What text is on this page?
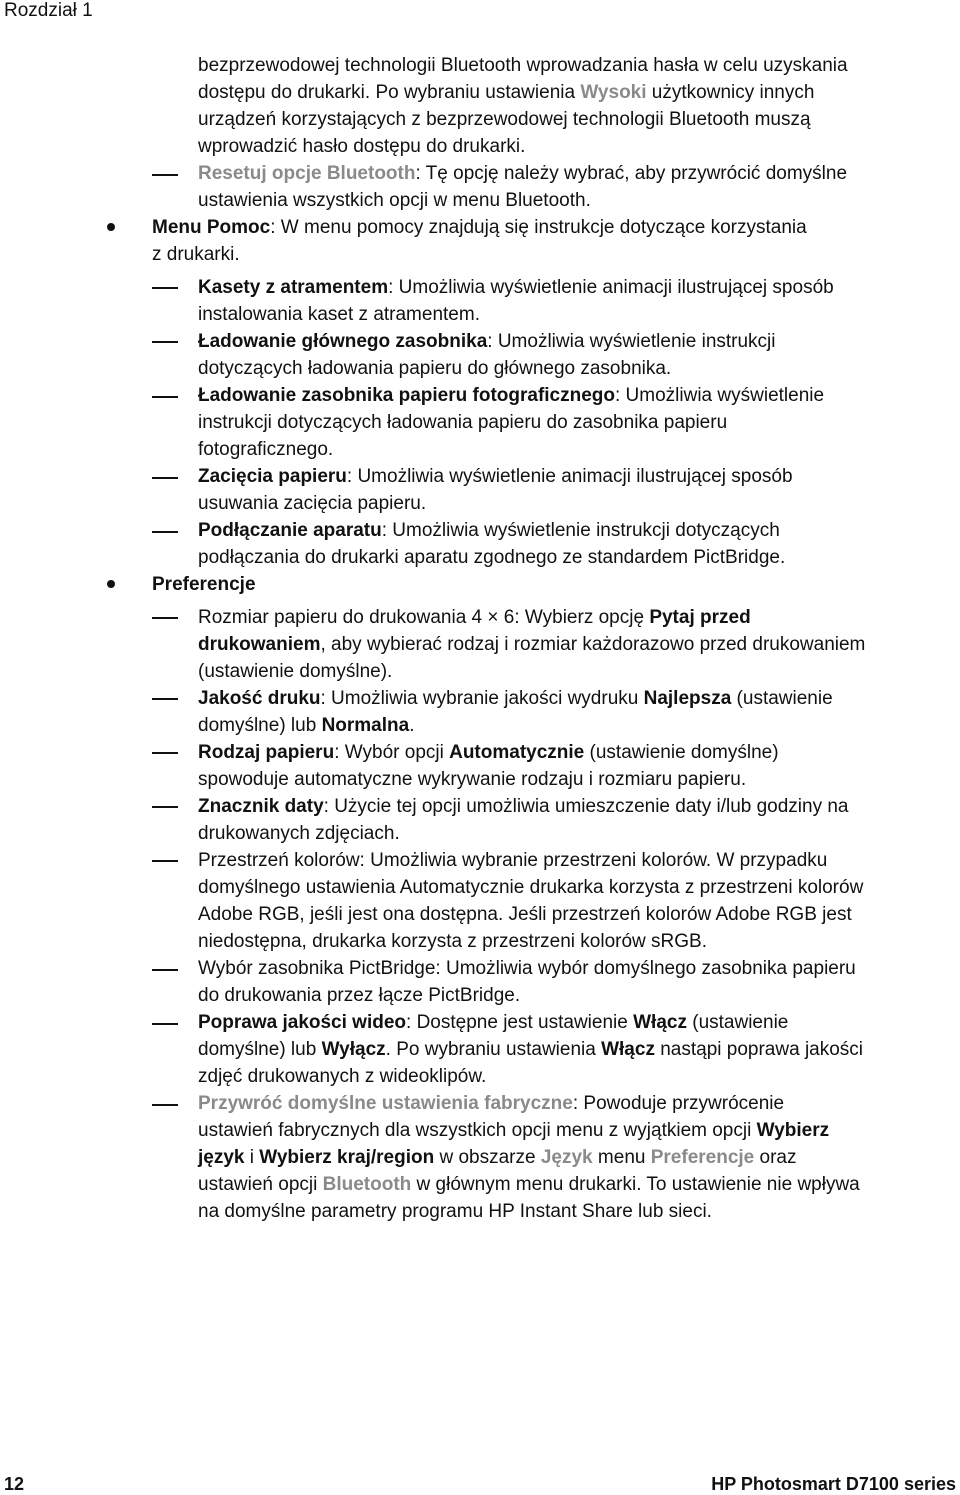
Rozdział 1
bezprzewodowej technologii Bluetooth wprowadzania hasła w celu uzyskania
dostępu do drukarki. Po wybraniu ustawienia Wysoki użytkownicy innych
urządzeń korzystających z bezprzewodowej technologii Bluetooth muszą
wprowadzić hasło dostępu do drukarki.
Resetuj opcje Bluetooth: Tę opcję należy wybrać, aby przywrócić domyślne
ustawienia wszystkich opcji w menu Bluetooth.
Menu Pomoc: W menu pomocy znajdują się instrukcje dotyczące korzystania
z drukarki.
Kasety z atramentem: Umożliwia wyświetlenie animacji ilustrującej sposób
instalowania kaset z atramentem.
Ładowanie głównego zasobnika: Umożliwia wyświetlenie instrukcji
dotyczących ładowania papieru do głównego zasobnika.
Ładowanie zasobnika papieru fotograficznego: Umożliwia wyświetlenie
instrukcji dotyczących ładowania papieru do zasobnika papieru
fotograficznego.
Zacięcia papieru: Umożliwia wyświetlenie animacji ilustrującej sposób
usuwania zacięcia papieru.
Podłączanie aparatu: Umożliwia wyświetlenie instrukcji dotyczących
podłączania do drukarki aparatu zgodnego ze standardem PictBridge.
Preferencje
Rozmiar papieru do drukowania 4 × 6: Wybierz opcję Pytaj przed
drukowaniem, aby wybierać rodzaj i rozmiar każdorazowo przed drukowaniem
(ustawienie domyślne).
Jakość druku: Umożliwia wybranie jakości wydruku Najlepsza (ustawienie
domyślne) lub Normalna.
Rodzaj papieru: Wybór opcji Automatycznie (ustawienie domyślne)
spowoduje automatyczne wykrywanie rodzaju i rozmiaru papieru.
Znacznik daty: Użycie tej opcji umożliwia umieszczenie daty i/lub godziny na
drukowanych zdjęciach.
Przestrzeń kolorów: Umożliwia wybranie przestrzeni kolorów. W przypadku
domyślnego ustawienia Automatycznie drukarka korzysta z przestrzeni kolorów
Adobe RGB, jeśli jest ona dostępna. Jeśli przestrzeń kolorów Adobe RGB jest
niedostępna, drukarka korzysta z przestrzeni kolorów sRGB.
Wybór zasobnika PictBridge: Umożliwia wybór domyślnego zasobnika papieru
do drukowania przez łącze PictBridge.
Poprawa jakości wideo: Dostępne jest ustawienie Włącz (ustawienie
domyślne) lub Wyłącz. Po wybraniu ustawienia Włącz nastąpi poprawa jakości
zdjęć drukowanych z wideoklipów.
Przywróć domyślne ustawienia fabryczne: Powoduje przywrócenie
ustawień fabrycznych dla wszystkich opcji menu z wyjątkiem opcji Wybierz
język i Wybierz kraj/region w obszarze Język menu Preferencje oraz
ustawień opcji Bluetooth w głównym menu drukarki. To ustawienie nie wpływa
na domyślne parametry programu HP Instant Share lub sieci.
12	HP Photosmart D7100 series
